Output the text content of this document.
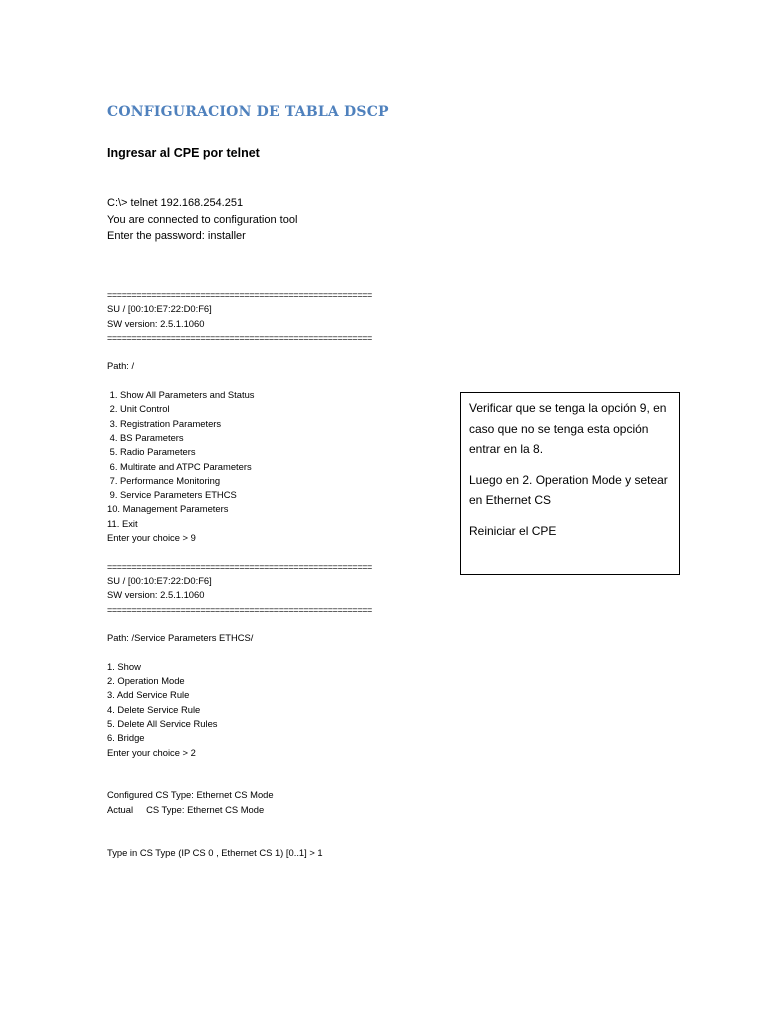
CONFIGURACION DE TABLA DSCP
Ingresar al CPE por telnet
C:\> telnet 192.168.254.251
You are connected to configuration tool
Enter the password: installer
======================================================
SU / [00:10:E7:22:D0:F6]
SW version: 2.5.1.1060
======================================================
Path: /
1. Show All Parameters and Status
2. Unit Control
3. Registration Parameters
4. BS Parameters
5. Radio Parameters
6. Multirate and ATPC Parameters
7. Performance Monitoring
9. Service Parameters ETHCS
10. Management Parameters
11. Exit
Enter your choice > 9
======================================================
SU / [00:10:E7:22:D0:F6]
SW version: 2.5.1.1060
======================================================
Path: /Service Parameters ETHCS/
1. Show
2. Operation Mode
3. Add Service Rule
4. Delete Service Rule
5. Delete All Service Rules
6. Bridge
Enter your choice > 2
Configured CS Type: Ethernet CS Mode
Actual     CS Type: Ethernet CS Mode
Type in CS Type (IP CS 0 , Ethernet CS 1) [0..1] > 1

Verificar que se tenga la opción 9, en caso que no se tenga esta opción entrar en la 8.

Luego en 2. Operation Mode y setear en Ethernet CS

Reiniciar el CPE
